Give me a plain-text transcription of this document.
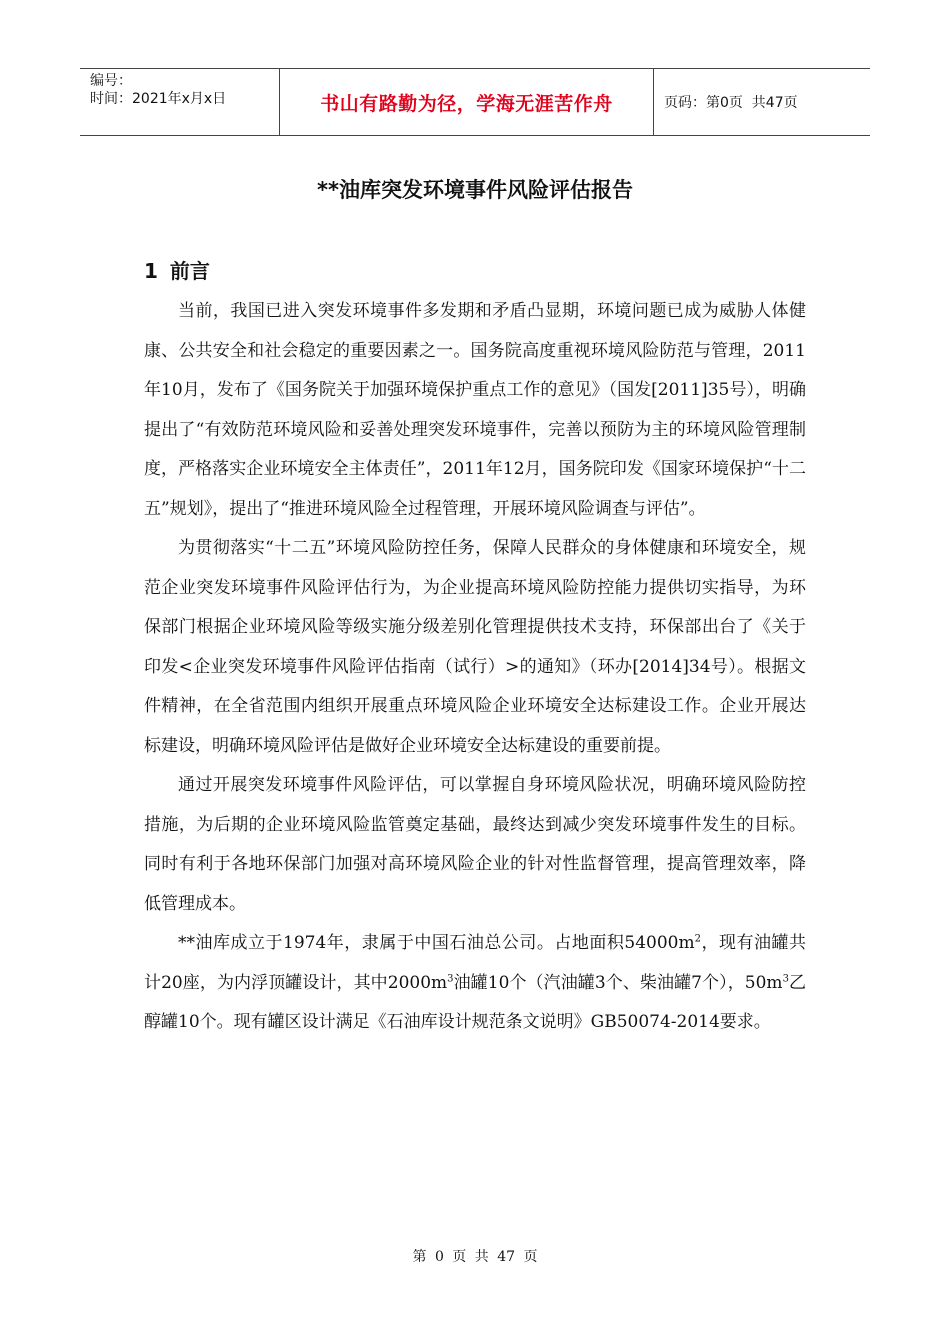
编号：
时间：2021年x月x日	书山有路勤为径，学海无涯苦作舟	页码：第0页  共47页
**油库突发环境事件风险评估报告
1 前言

当前，我国已进入突发环境事件多发期和矛盾凸显期，环境问题已成为威胁人体健康、公共安全和社会稳定的重要因素之一。国务院高度重视环境风险防范与管理，2011年10月，发布了《国务院关于加强环境保护重点工作的意见》（国发[2011]35号），明确提出了“有效防范环境风险和妥善处理突发环境事件，完善以预防为主的环境风险管理制度，严格落实企业环境安全主体责任”，2011年12月，国务院印发《国家环境保护“十二五”规划》，提出了“推进环境风险全过程管理，开展环境风险调查与评估”。

为贯彻落实“十二五”环境风险防控任务，保障人民群众的身体健康和环境安全，规范企业突发环境事件风险评估行为，为企业提高环境风险防控能力提供切实指导，为环保部门根据企业环境风险等级实施分级差别化管理提供技术支持，环保部出台了《关于印发<企业突发环境事件风险评估指南（试行）>的通知》（环办[2014]34号）。根据文件精神，在全省范围内组织开展重点环境风险企业环境安全达标建设工作。企业开展达标建设，明确环境风险评估是做好企业环境安全达标建设的重要前提。

通过开展突发环境事件风险评估，可以掌握自身环境风险状况，明确环境风险防控措施，为后期的企业环境风险监管奠定基础，最终达到减少突发环境事件发生的目标。同时有利于各地环保部门加强对高环境风险企业的针对性监督管理，提高管理效率，降低管理成本。

**油库成立于1974年，隶属于中国石油总公司。占地面积$54000m^2$，现有油罐共计20座，为内浮顶罐设计，其中$2000m^3$油罐10个（汽油罐3个、柴油罐7个），$50m^3$乙醇罐10个。现有罐区设计满足《石油库设计规范条文说明》GB50074-2014要求。

第 0 页 共 47 页
